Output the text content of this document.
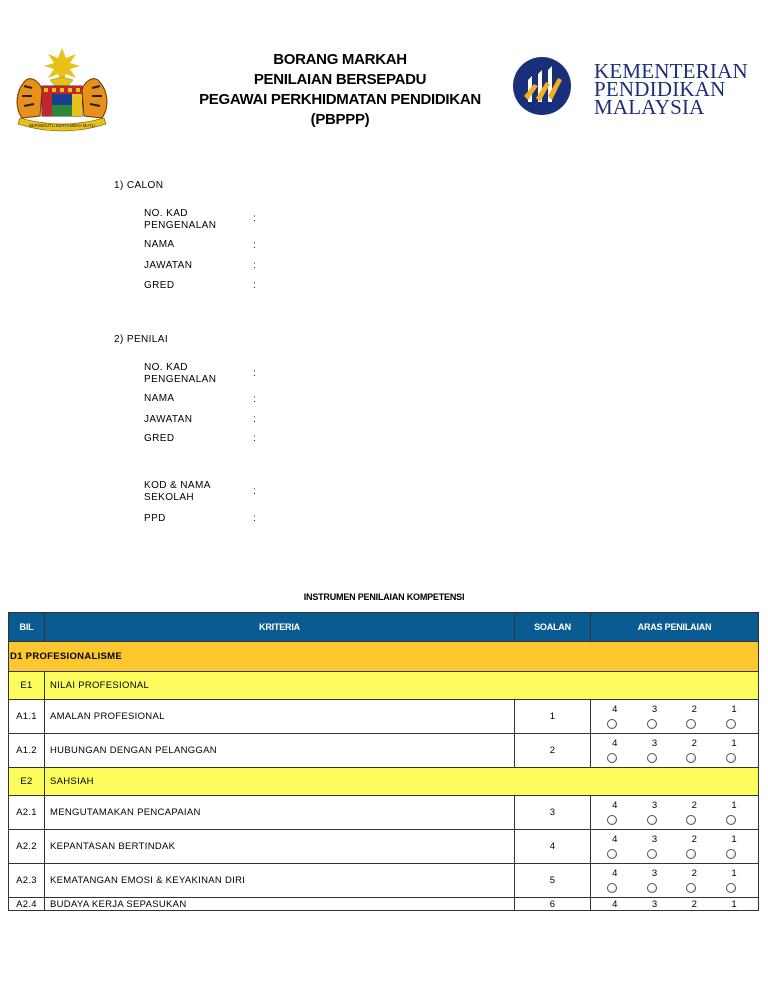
BERSEKUTU BERTAMBAH MUTU
BORANG MARKAH
PENILAIAN BERSEPADU
PEGAWAI PERKHIDMATAN PENDIDIKAN
(PBPPP)
KEMENTERIAN
PENDIDIKAN
MALAYSIA
1) CALON
NO. KAD PENGENALAN
:
NAMA	:
JAWATAN	:
GRED	:
2) PENILAI
NO. KAD PENGENALAN
:
NAMA	:
JAWATAN	:
GRED	:
KOD & NAMA SEKOLAH
:
PPD	:
INSTRUMEN PENILAIAN KOMPETENSI
BIL	KRITERIA	SOALAN	ARAS PENILAIAN
D1 PROFESIONALISME			
E1	NILAI PROFESIONAL		
A1.1	AMALAN PROFESIONAL	1	4 3 2 1

A1.2	HUBUNGAN DENGAN PELANGGAN	2	4 3 2 1

E2	SAHSIAH		
A2.1	MENGUTAMAKAN PENCAPAIAN	3	4 3 2 1

A2.2	KEPANTASAN BERTINDAK	4	4 3 2 1

A2.3	KEMATANGAN EMOSI & KEYAKINAN DIRI	5	4 3 2 1

A2.4	BUDAYA KERJA SEPASUKAN	6	4 3 2 1
